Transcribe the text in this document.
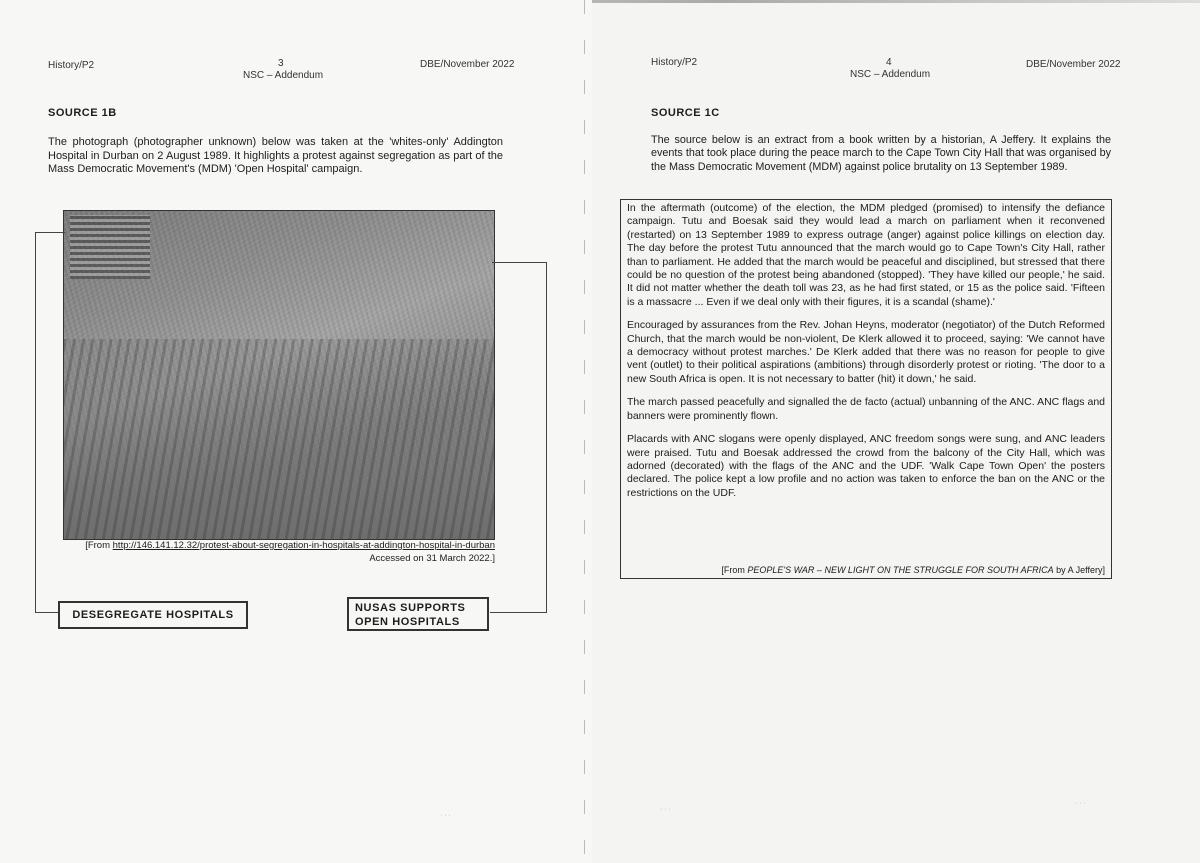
History/P2	3
NSC – Addendum
DBE/November 2022
SOURCE 1B
The photograph (photographer unknown) below was taken at the 'whites-only' Addington Hospital in Durban on 2 August 1989. It highlights a protest against segregation as part of the Mass Democratic Movement's (MDM) 'Open Hospital' campaign.
[From http://146.141.12.32/protest-about-segregation-in-hospitals-at-addington-hospital-in-durban
Accessed on 31 March 2022.]
DESEGREGATE HOSPITALS
NUSAS SUPPORTS
OPEN HOSPITALS
· · ·
History/P2	4
NSC – Addendum
DBE/November 2022
SOURCE 1C
The source below is an extract from a book written by a historian, A Jeffery. It explains the events that took place during the peace march to the Cape Town City Hall that was organised by the Mass Democratic Movement (MDM) against police brutality on 13 September 1989.

In the aftermath (outcome) of the election, the MDM pledged (promised) to intensify the defiance campaign. Tutu and Boesak said they would lead a march on parliament when it reconvened (restarted) on 13 September 1989 to express outrage (anger) against police killings on election day. The day before the protest Tutu announced that the march would go to Cape Town's City Hall, rather than to parliament. He added that the march would be peaceful and disciplined, but stressed that there could be no question of the protest being abandoned (stopped). 'They have killed our people,' he said. It did not matter whether the death toll was 23, as he had first stated, or 15 as the police said. 'Fifteen is a massacre ... Even if we deal only with their figures, it is a scandal (shame).'

Encouraged by assurances from the Rev. Johan Heyns, moderator (negotiator) of the Dutch Reformed Church, that the march would be non-violent, De Klerk allowed it to proceed, saying: 'We cannot have a democracy without protest marches.' De Klerk added that there was no reason for people to give vent (outlet) to their political aspirations (ambitions) through disorderly protest or rioting. 'The door to a new South Africa is open. It is not necessary to batter (hit) it down,' he said.

The march passed peacefully and signalled the de facto (actual) unbanning of the ANC. ANC flags and banners were prominently flown.

Placards with ANC slogans were openly displayed, ANC freedom songs were sung, and ANC leaders were praised. Tutu and Boesak addressed the crowd from the balcony of the City Hall, which was adorned (decorated) with the flags of the ANC and the UDF. 'Walk Cape Town Open' the posters declared. The police kept a low profile and no action was taken to enforce the ban on the ANC or the restrictions on the UDF.

[From PEOPLE'S WAR – NEW LIGHT ON THE STRUGGLE FOR SOUTH AFRICA by A Jeffery]
· · ·
· · ·
